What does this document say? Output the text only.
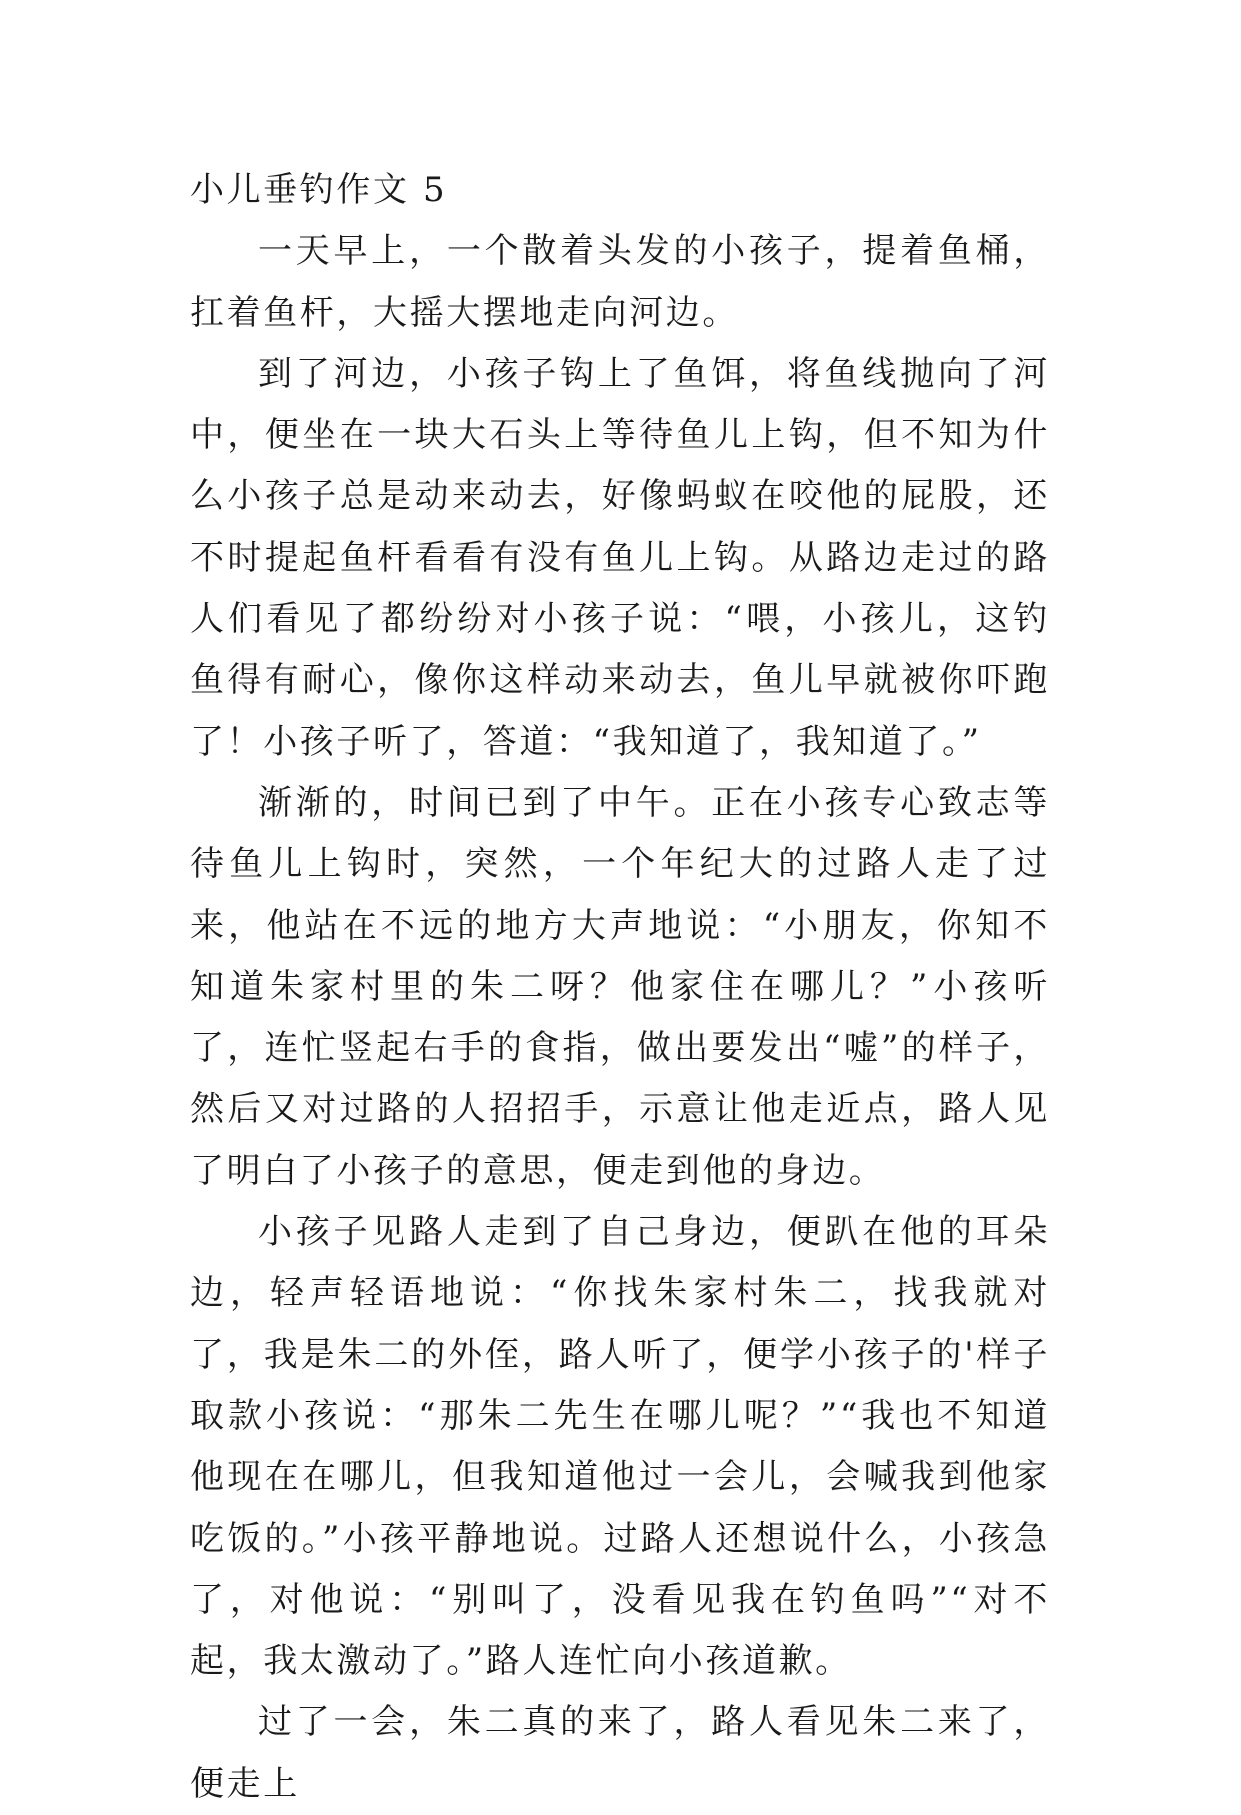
小儿垂钓作文 5

一天早上，一个散着头发的小孩子，提着鱼桶，扛着鱼杆，大摇大摆地走向河边。

到了河边，小孩子钩上了鱼饵，将鱼线抛向了河中，便坐在一块大石头上等待鱼儿上钩，但不知为什么小孩子总是动来动去，好像蚂蚁在咬他的屁股，还不时提起鱼杆看看有没有鱼儿上钩。从路边走过的路人们看见了都纷纷对小孩子说：“喂，小孩儿，这钓鱼得有耐心，像你这样动来动去，鱼儿早就被你吓跑了！小孩子听了，答道：“我知道了，我知道了。”

渐渐的，时间已到了中午。正在小孩专心致志等待鱼儿上钩时，突然，一个年纪大的过路人走了过来，他站在不远的地方大声地说：“小朋友，你知不知道朱家村里的朱二呀？他家住在哪儿？”小孩听了，连忙竖起右手的食指，做出要发出“嘘”的样子，然后又对过路的人招招手，示意让他走近点，路人见了明白了小孩子的意思，便走到他的身边。

小孩子见路人走到了自己身边，便趴在他的耳朵边，轻声轻语地说：“你找朱家村朱二，找我就对了，我是朱二的外侄，路人听了，便学小孩子的'样子取款小孩说：“那朱二先生在哪儿呢？”“我也不知道他现在在哪儿，但我知道他过一会儿，会喊我到他家吃饭的。”小孩平静地说。过路人还想说什么，小孩急了，对他说：“别叫了，没看见我在钓鱼吗”“对不起，我太激动了。”路人连忙向小孩道歉。

过了一会，朱二真的来了，路人看见朱二来了，便走上
